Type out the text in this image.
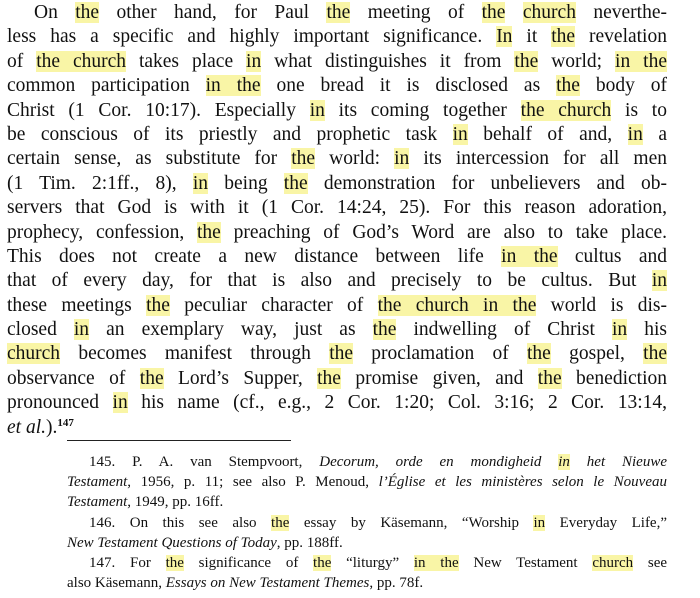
On the other hand, for Paul the meeting of the church neverthe-
less has a specific and highly important significance. In it the revelation
of the church takes place in what distinguishes it from the world; in the
common participation in the one bread it is disclosed as the body of
Christ (1 Cor. 10:17). Especially in its coming together the church is to
be conscious of its priestly and prophetic task in behalf of and, in a
certain sense, as substitute for the world: in its intercession for all men
(1 Tim. 2:1ff., 8), in being the demonstration for unbelievers and ob-
servers that God is with it (1 Cor. 14:24, 25). For this reason adoration,
prophecy, confession, the preaching of God’s Word are also to take place.
This does not create a new distance between life in the cultus and
that of every day, for that is also and precisely to be cultus. But in
these meetings the peculiar character of the church in the world is dis-
closed in an exemplary way, just as the indwelling of Christ in his
church becomes manifest through the proclamation of the gospel, the
observance of the Lord’s Supper, the promise given, and the benediction
pronounced in his name (cf., e.g., 2 Cor. 1:20; Col. 3:16; 2 Cor. 13:14,
et al.).$^{147}$
145. P. A. van Stempvoort, Decorum, orde en mondigheid in het Nieuwe
Testament, 1956, p. 11; see also P. Menoud, l’Église et les ministères selon le Nouveau
Testament, 1949, pp. 16ff.
146. On this see also the essay by Käsemann, “Worship in Everyday Life,”
New Testament Questions of Today, pp. 188ff.
147. For the significance of the “liturgy” in the New Testament church see
also Käsemann, Essays on New Testament Themes, pp. 78f.
